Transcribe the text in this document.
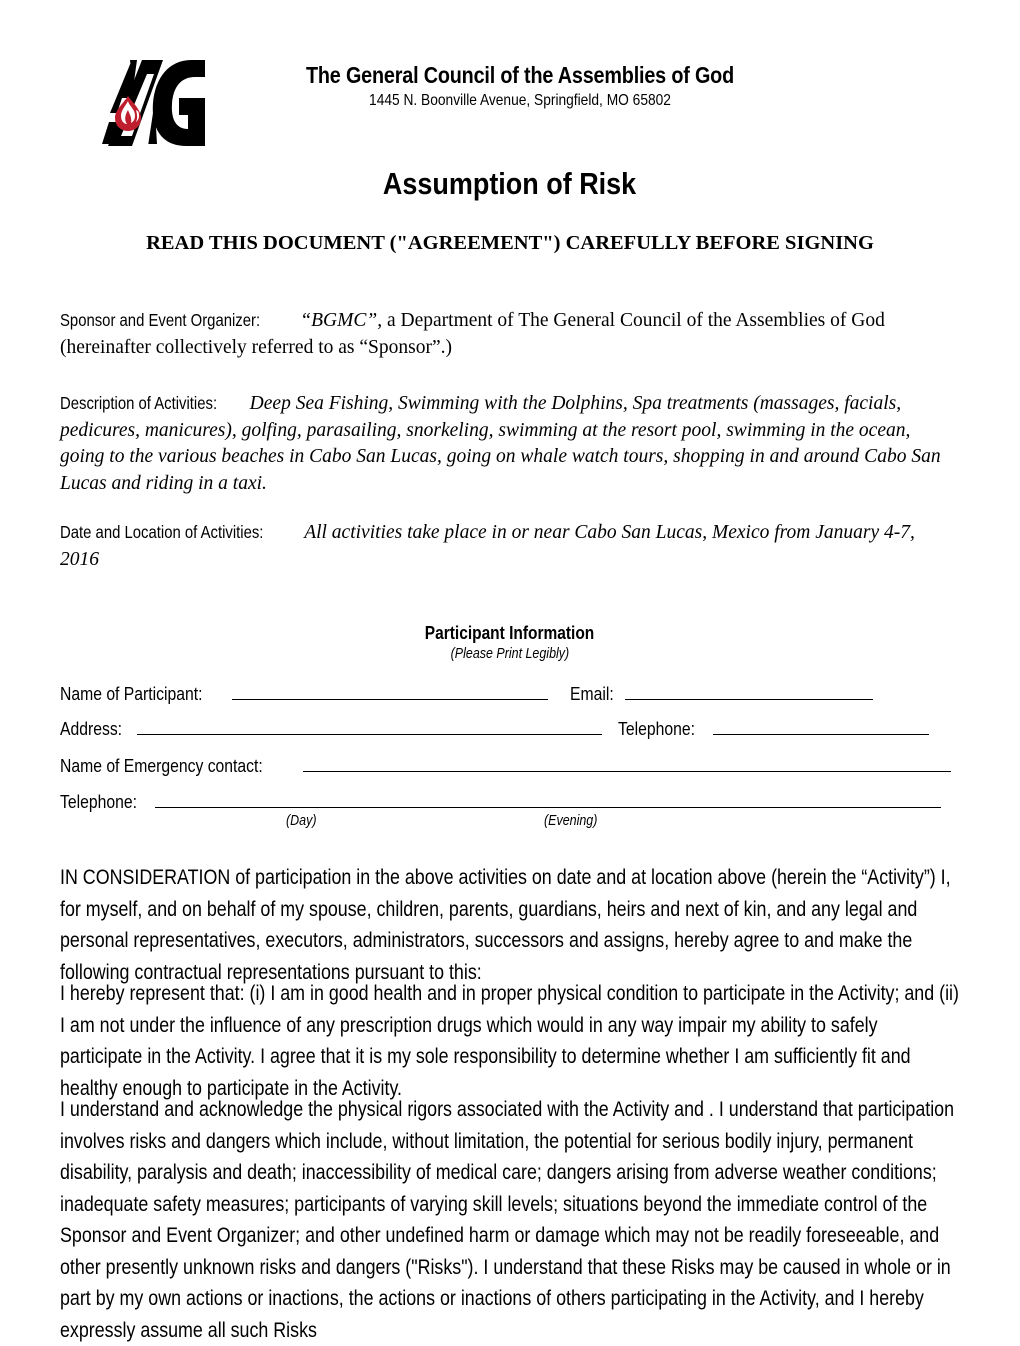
The General Council of the Assemblies of God
1445 N. Boonville Avenue, Springfield, MO 65802
Assumption of Risk
READ THIS DOCUMENT ("AGREEMENT") CAREFULLY BEFORE SIGNING
Sponsor and Event Organizer: “BGMC”, a Department of The General Council of the Assemblies of God (hereinafter collectively referred to as “Sponsor”.)
Description of Activities: Deep Sea Fishing, Swimming with the Dolphins, Spa treatments (massages, facials, pedicures, manicures), golfing, parasailing, snorkeling, swimming at the resort pool, swimming in the ocean, going to the various beaches in Cabo San Lucas, going on whale watch tours, shopping in and around Cabo San Lucas and riding in a taxi.
Date and Location of Activities: All activities take place in or near Cabo San Lucas, Mexico from January 4-7, 2016
Participant Information
(Please Print Legibly)
Name of Participant:	Email:
Address:	Telephone:
Name of Emergency contact:
Telephone:
(Day)	(Evening)

IN CONSIDERATION of participation in the above activities on date and at location above (herein the “Activity”) I, for myself, and on behalf of my spouse, children, parents, guardians, heirs and next of kin, and any legal and personal representatives, executors, administrators, successors and assigns, hereby agree to and make the following contractual representations pursuant to this:

I hereby represent that: (i) I am in good health and in proper physical condition to participate in the Activity; and (ii) I am not under the influence of any prescription drugs which would in any way impair my ability to safely participate in the Activity. I agree that it is my sole responsibility to determine whether I am sufficiently fit and healthy enough to participate in the Activity.

I understand and acknowledge the physical rigors associated with the Activity and . I understand that participation involves risks and dangers which include, without limitation, the potential for serious bodily injury, permanent disability, paralysis and death; inaccessibility of medical care; dangers arising from adverse weather conditions; inadequate safety measures; participants of varying skill levels; situations beyond the immediate control of the Sponsor and Event Organizer; and other undefined harm or damage which may not be readily foreseeable, and other presently unknown risks and dangers ("Risks"). I understand that these Risks may be caused in whole or in part by my own actions or inactions, the actions or inactions of others participating in the Activity, and I hereby expressly assume all such Risks
